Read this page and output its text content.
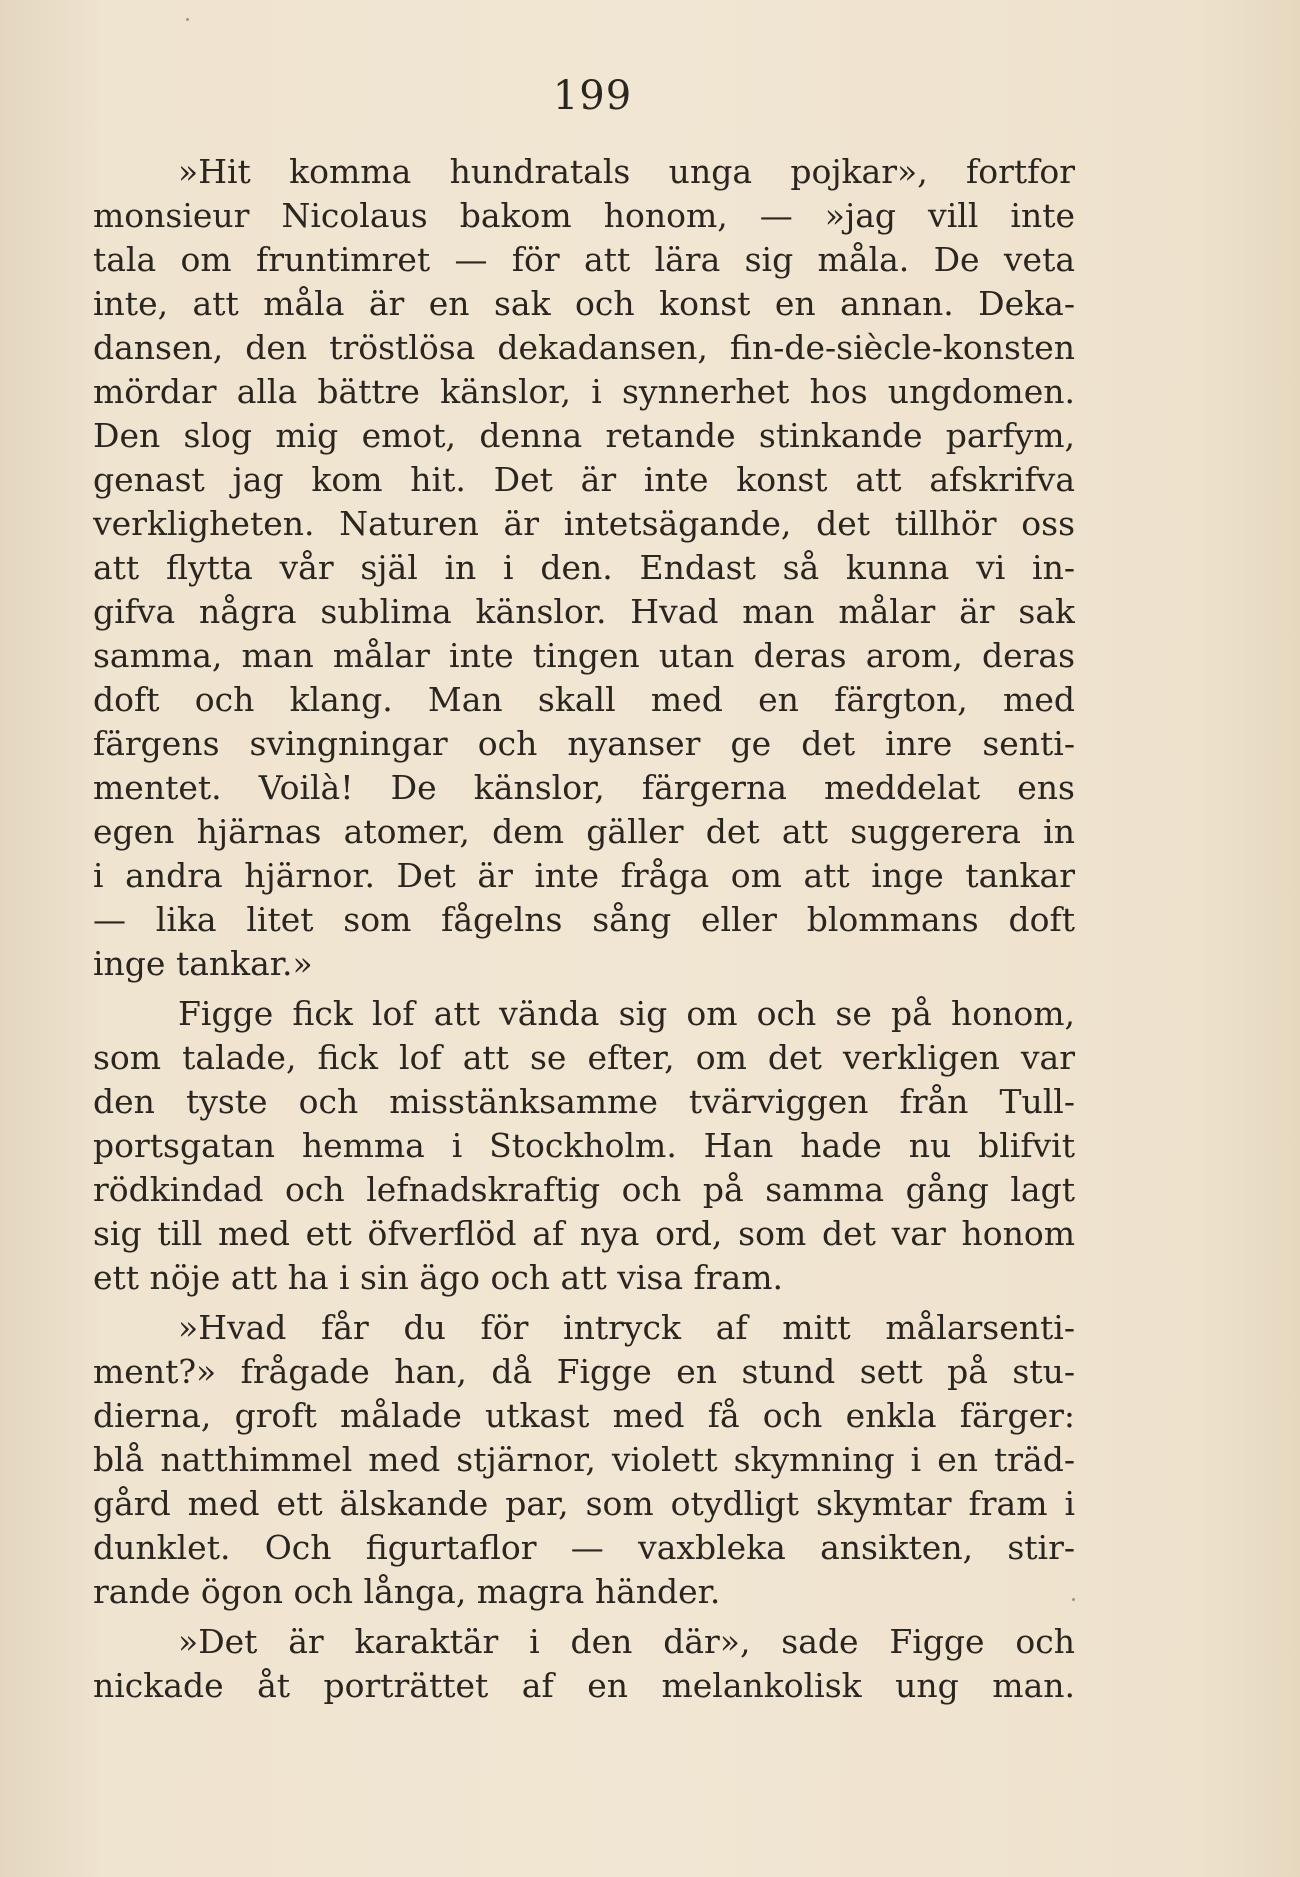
199
»Hit komma hundratals unga pojkar», fortfor
monsieur Nicolaus bakom honom, — »jag vill inte
tala om fruntimret — för att lära sig måla. De veta
inte, att måla är en sak och konst en annan. Deka-
dansen, den tröstlösa dekadansen, fin-de-siècle-konsten
mördar alla bättre känslor, i synnerhet hos ungdomen.
Den slog mig emot, denna retande stinkande parfym,
genast jag kom hit. Det är inte konst att afskrifva
verkligheten. Naturen är intetsägande, det tillhör oss
att flytta vår själ in i den. Endast så kunna vi in-
gifva några sublima känslor. Hvad man målar är sak
samma, man målar inte tingen utan deras arom, deras
doft och klang. Man skall med en färgton, med
färgens svingningar och nyanser ge det inre senti-
mentet. Voilà! De känslor, färgerna meddelat ens
egen hjärnas atomer, dem gäller det att suggerera in
i andra hjärnor. Det är inte fråga om att inge tankar
— lika litet som fågelns sång eller blommans doft
inge tankar.»
Figge fick lof att vända sig om och se på honom,
som talade, fick lof att se efter, om det verkligen var
den tyste och misstänksamme tvärviggen från Tull-
portsgatan hemma i Stockholm. Han hade nu blifvit
rödkindad och lefnadskraftig och på samma gång lagt
sig till med ett öfverflöd af nya ord, som det var honom
ett nöje att ha i sin ägo och att visa fram.
»Hvad får du för intryck af mitt målarsenti-
ment?» frågade han, då Figge en stund sett på stu-
dierna, groft målade utkast med få och enkla färger:
blå natthimmel med stjärnor, violett skymning i en träd-
gård med ett älskande par, som otydligt skymtar fram i
dunklet. Och figurtaflor — vaxbleka ansikten, stir-
rande ögon och långa, magra händer.
»Det är karaktär i den där», sade Figge och
nickade åt porträttet af en melankolisk ung man.
